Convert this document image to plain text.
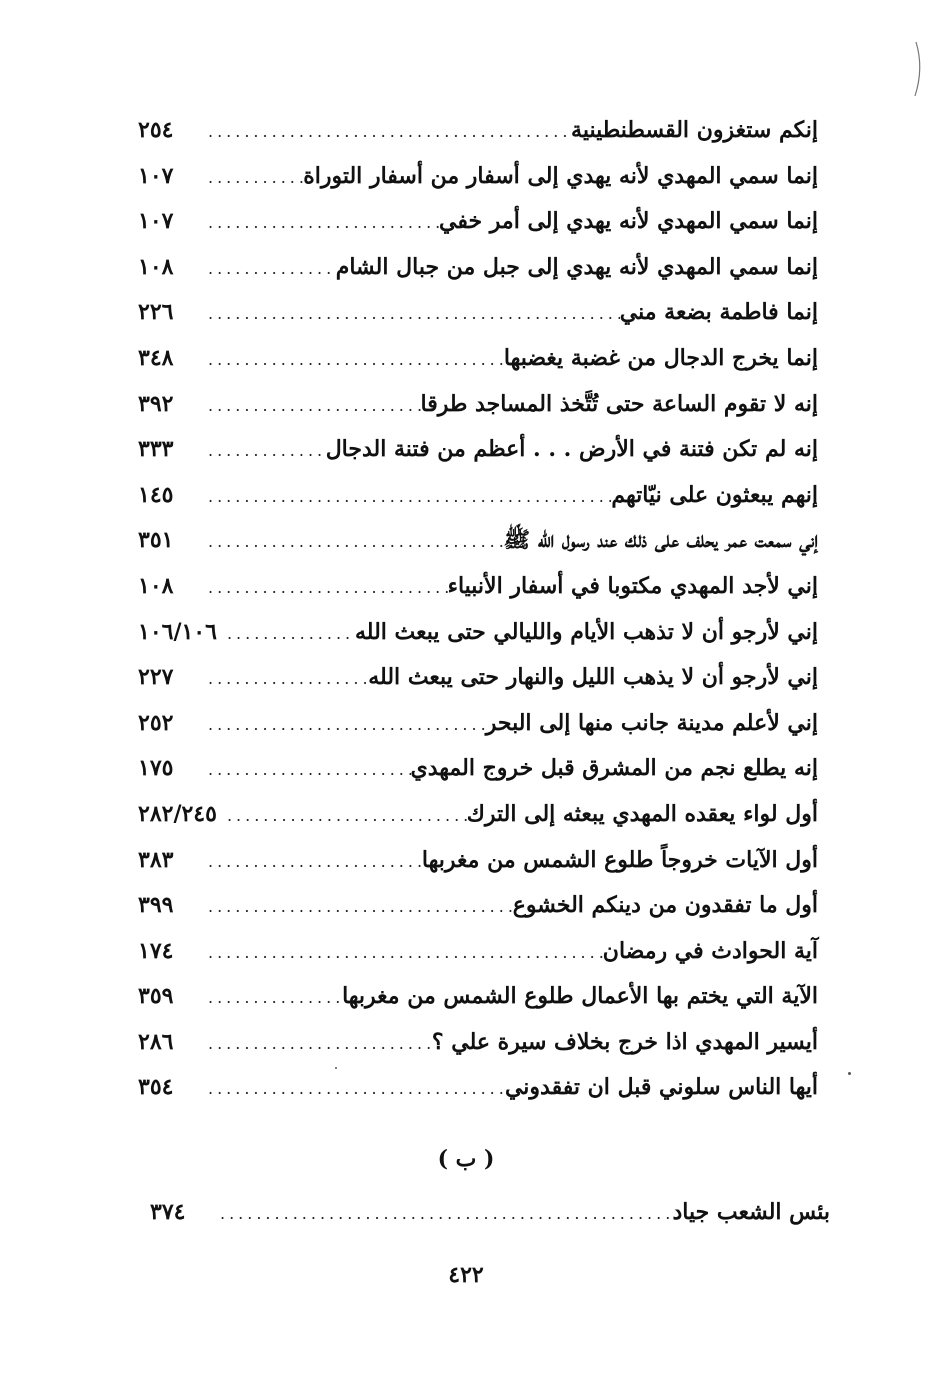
إنكم ستغزون القسطنطينية
.....
٢٥٤
إنما سمي المهدي لأنه يهدي إلى أسفار من أسفار التوراة
.....
١٠٧
إنما سمي المهدي لأنه يهدي إلى أمر خفي
.....
١٠٧
إنما سمي المهدي لأنه يهدي إلى جبل من جبال الشام
.....
١٠٨
إنما فاطمة بضعة مني
.....
٢٢٦
إنما يخرج الدجال من غضبة يغضبها
.....
٣٤٨
إنه لا تقوم الساعة حتى تُتَّخذ المساجد طرقا
.....
٣٩٢
إنه لم تكن فتنة في الأرض . . . أعظم من فتنة الدجال
.....
٣٣٣
إنهم يبعثون على نيّاتهم
.....
١٤٥
إني سمعت عمر يحلف على ذلك عند رسول الله ﷺ
.....
٣٥١
إني لأجد المهدي مكتوبا في أسفار الأنبياء
.....
١٠٨
إني لأرجو أن لا تذهب الأيام والليالي حتى يبعث الله
.....
١٠٦/١٠٦
إني لأرجو أن لا يذهب الليل والنهار حتى يبعث الله
.....
٢٢٧
إني لأعلم مدينة جانب منها إلى البحر
.....
٢٥٢
إنه يطلع نجم من المشرق قبل خروج المهدي
.....
١٧٥
أول لواء يعقده المهدي يبعثه إلى الترك
.....
٢٨٢/٢٤٥
أول الآيات خروجاً طلوع الشمس من مغربها
.....
٣٨٣
أول ما تفقدون من دينكم الخشوع
.....
٣٩٩
آية الحوادث في رمضان
.....
١٧٤
الآية التي يختم بها الأعمال طلوع الشمس من مغربها
.....
٣٥٩
أيسير المهدي اذا خرج بخلاف سيرة علي ؟
.....
٢٨٦
أيها الناس سلوني قبل ان تفقدوني
.....
٣٥٤
( ب )
بئس الشعب جياد
.....
٣٧٤
٤٢٢
